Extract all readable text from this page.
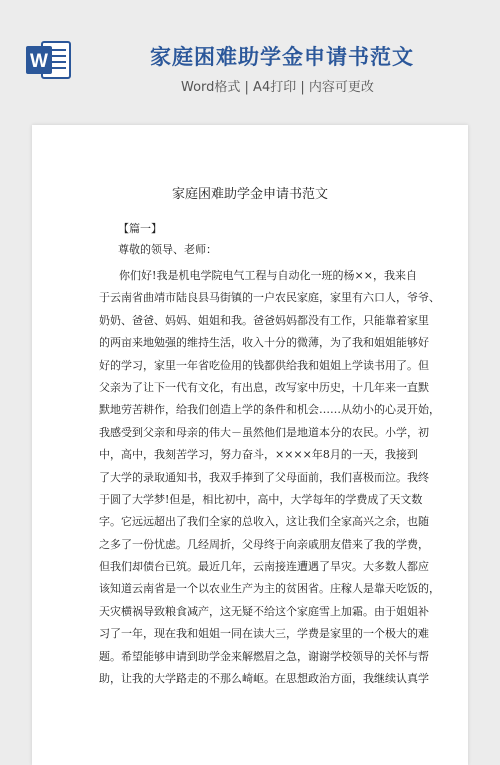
W	家庭困难助学金申请书范文
Word格式 | A4打印 | 内容可更改
家庭困难助学金申请书范文
【篇一】
尊敬的领导、老师：
你们好!我是机电学院电气工程与自动化一班的杨××，我来自
于云南省曲靖市陆良县马街镇的一户农民家庭，家里有六口人，爷爷、
奶奶、爸爸、妈妈、姐姐和我。爸爸妈妈都没有工作，只能靠着家里
的两亩来地勉强的维持生活，收入十分的微薄，为了我和姐姐能够好
好的学习，家里一年省吃俭用的钱都供给我和姐姐上学读书用了。但
父亲为了让下一代有文化，有出息，改写家中历史，十几年来一直默
默地劳苦耕作，给我们创造上学的条件和机会……从幼小的心灵开始，
我感受到父亲和母亲的伟大－虽然他们是地道本分的农民。小学，初
中，高中，我刻苦学习，努力奋斗，××××年8月的一天，我接到
了大学的录取通知书，我双手捧到了父母面前，我们喜极而泣。我终
于圆了大学梦!但是，相比初中，高中，大学每年的学费成了天文数
字。它远远超出了我们全家的总收入，这让我们全家高兴之余，也随
之多了一份忧虑。几经周折，父母终于向亲戚朋友借来了我的学费，
但我们却债台已筑。最近几年，云南接连遭遇了旱灾。大多数人都应
该知道云南省是一个以农业生产为主的贫困省。庄稼人是靠天吃饭的，
天灾横祸导致粮食减产，这无疑不给这个家庭雪上加霜。由于姐姐补
习了一年，现在我和姐姐一同在读大三，学费是家里的一个极大的难
题。希望能够申请到助学金来解燃眉之急，谢谢学校领导的关怀与帮
助，让我的大学路走的不那么崎岖。在思想政治方面，我继续认真学
